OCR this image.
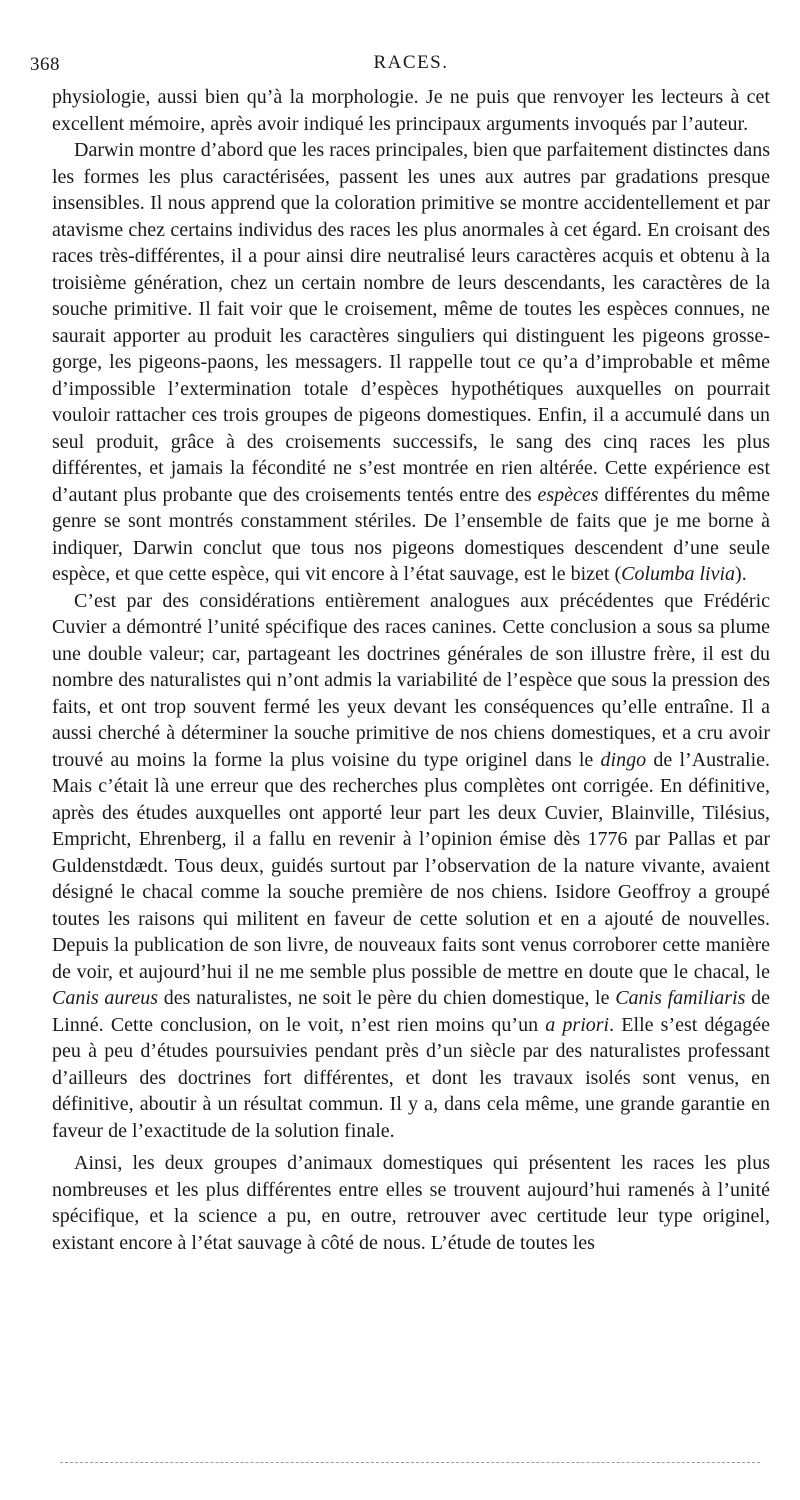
368	RACES.

physiologie, aussi bien qu’à la morphologie. Je ne puis que renvoyer les lecteurs à cet excellent mémoire, après avoir indiqué les principaux arguments invoqués par l’auteur.

Darwin montre d’abord que les races principales, bien que parfaitement distinctes dans les formes les plus caractérisées, passent les unes aux autres par gradations presque insensibles. Il nous apprend que la coloration primitive se montre accidentellement et par atavisme chez certains individus des races les plus anormales à cet égard. En croisant des races très-différentes, il a pour ainsi dire neutralisé leurs caractères acquis et obtenu à la troisième génération, chez un certain nombre de leurs descendants, les caractères de la souche primitive. Il fait voir que le croisement, même de toutes les espèces connues, ne saurait apporter au produit les caractères singuliers qui distinguent les pigeons grosse-gorge, les pigeons-paons, les messagers. Il rappelle tout ce qu’a d’improbable et même d’impossible l’extermination totale d’espèces hypothétiques auxquelles on pourrait vouloir rattacher ces trois groupes de pigeons domestiques. Enfin, il a accumulé dans un seul produit, grâce à des croisements successifs, le sang des cinq races les plus différentes, et jamais la fécondité ne s’est montrée en rien altérée. Cette expérience est d’autant plus probante que des croisements tentés entre des espèces différentes du même genre se sont montrés constamment stériles. De l’ensemble de faits que je me borne à indiquer, Darwin conclut que tous nos pigeons domestiques descendent d’une seule espèce, et que cette espèce, qui vit encore à l’état sauvage, est le bizet (Columba livia).

C’est par des considérations entièrement analogues aux précédentes que Frédéric Cuvier a démontré l’unité spécifique des races canines. Cette conclusion a sous sa plume une double valeur; car, partageant les doctrines générales de son illustre frère, il est du nombre des naturalistes qui n’ont admis la variabilité de l’espèce que sous la pression des faits, et ont trop souvent fermé les yeux devant les conséquences qu’elle entraîne. Il a aussi cherché à déterminer la souche primitive de nos chiens domestiques, et a cru avoir trouvé au moins la forme la plus voisine du type originel dans le dingo de l’Australie. Mais c’était là une erreur que des recherches plus complètes ont corrigée. En définitive, après des études auxquelles ont apporté leur part les deux Cuvier, Blainville, Tilésius, Empricht, Ehrenberg, il a fallu en revenir à l’opinion émise dès 1776 par Pallas et par Guldenstdædt. Tous deux, guidés surtout par l’observation de la nature vivante, avaient désigné le chacal comme la souche première de nos chiens. Isidore Geoffroy a groupé toutes les raisons qui militent en faveur de cette solution et en a ajouté de nouvelles. Depuis la publication de son livre, de nouveaux faits sont venus corroborer cette manière de voir, et aujourd’hui il ne me semble plus possible de mettre en doute que le chacal, le Canis aureus des naturalistes, ne soit le père du chien domestique, le Canis familiaris de Linné. Cette conclusion, on le voit, n’est rien moins qu’un a priori. Elle s’est dégagée peu à peu d’études poursuivies pendant près d’un siècle par des naturalistes professant d’ailleurs des doctrines fort différentes, et dont les travaux isolés sont venus, en définitive, aboutir à un résultat commun. Il y a, dans cela même, une grande garantie en faveur de l’exactitude de la solution finale.

Ainsi, les deux groupes d’animaux domestiques qui présentent les races les plus nombreuses et les plus différentes entre elles se trouvent aujourd’hui ramenés à l’unité spécifique, et la science a pu, en outre, retrouver avec certitude leur type originel, existant encore à l’état sauvage à côté de nous. L’étude de toutes les
